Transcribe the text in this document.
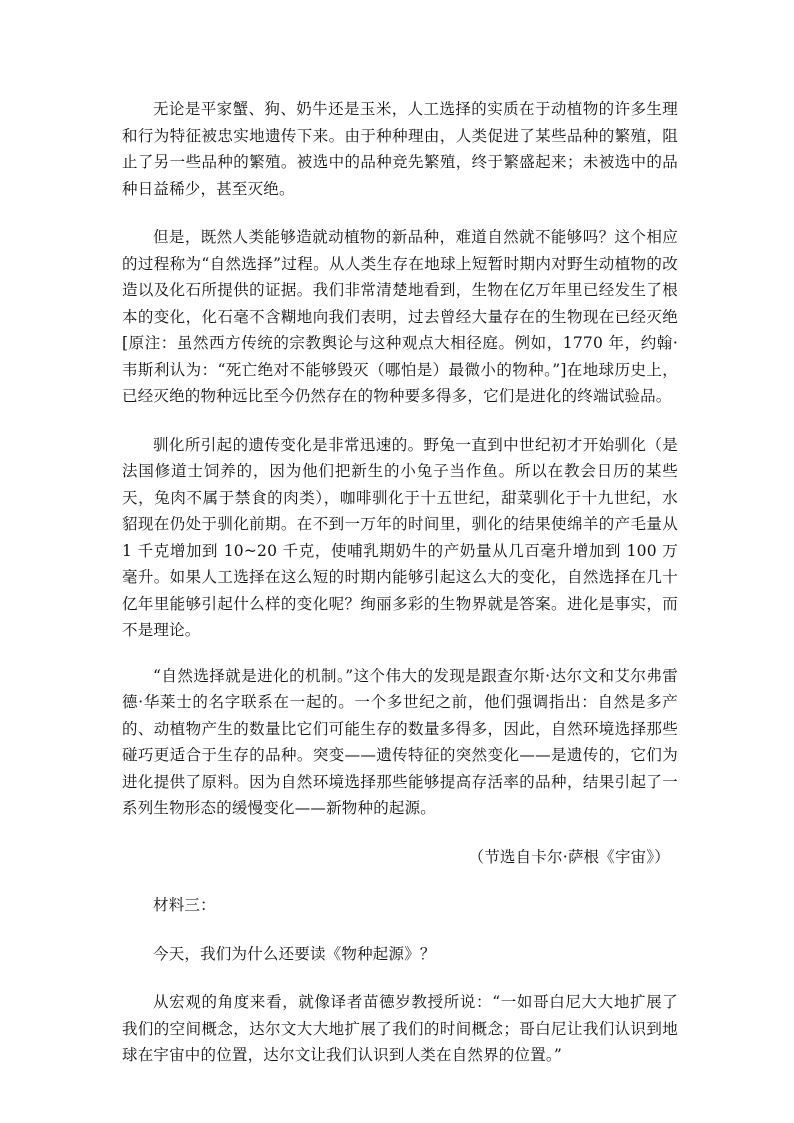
无论是平家蟹、狗、奶牛还是玉米，人工选择的实质在于动植物的许多生理和行为特征被忠实地遗传下来。由于种种理由，人类促进了某些品种的繁殖，阻止了另一些品种的繁殖。被选中的品种竞先繁殖，终于繁盛起来；未被选中的品种日益稀少，甚至灭绝。

但是，既然人类能够造就动植物的新品种，难道自然就不能够吗？这个相应的过程称为“自然选择”过程。从人类生存在地球上短暂时期内对野生动植物的改造以及化石所提供的证据。我们非常清楚地看到，生物在亿万年里已经发生了根本的变化，化石毫不含糊地向我们表明，过去曾经大量存在的生物现在已经灭绝[原注：虽然西方传统的宗教舆论与这种观点大相径庭。例如，1770 年，约翰·韦斯利认为：“死亡绝对不能够毁灭（哪怕是）最微小的物种。”]在地球历史上，已经灭绝的物种远比至今仍然存在的物种要多得多，它们是进化的终端试验品。

驯化所引起的遗传变化是非常迅速的。野兔一直到中世纪初才开始驯化（是法国修道士饲养的，因为他们把新生的小兔子当作鱼。所以在教会日历的某些天，兔肉不属于禁食的肉类），咖啡驯化于十五世纪，甜菜驯化于十九世纪，水貂现在仍处于驯化前期。在不到一万年的时间里，驯化的结果使绵羊的产毛量从 1 千克增加到 10~20 千克，使哺乳期奶牛的产奶量从几百毫升增加到 100 万毫升。如果人工选择在这么短的时期内能够引起这么大的变化，自然选择在几十亿年里能够引起什么样的变化呢？绚丽多彩的生物界就是答案。进化是事实，而不是理论。

“自然选择就是进化的机制。”这个伟大的发现是跟查尔斯·达尔文和艾尔弗雷德·华莱士的名字联系在一起的。一个多世纪之前，他们强调指出：自然是多产的、动植物产生的数量比它们可能生存的数量多得多，因此，自然环境选择那些碰巧更适合于生存的品种。突变——遗传特征的突然变化——是遗传的，它们为进化提供了原料。因为自然环境选择那些能够提高存活率的品种，结果引起了一系列生物形态的缓慢变化——新物种的起源。

（节选自卡尔·萨根《宇宙》）

材料三：

今天，我们为什么还要读《物种起源》？

从宏观的角度来看，就像译者苗德岁教授所说：“一如哥白尼大大地扩展了我们的空间概念，达尔文大大地扩展了我们的时间概念；哥白尼让我们认识到地球在宇宙中的位置，达尔文让我们认识到人类在自然界的位置。”
